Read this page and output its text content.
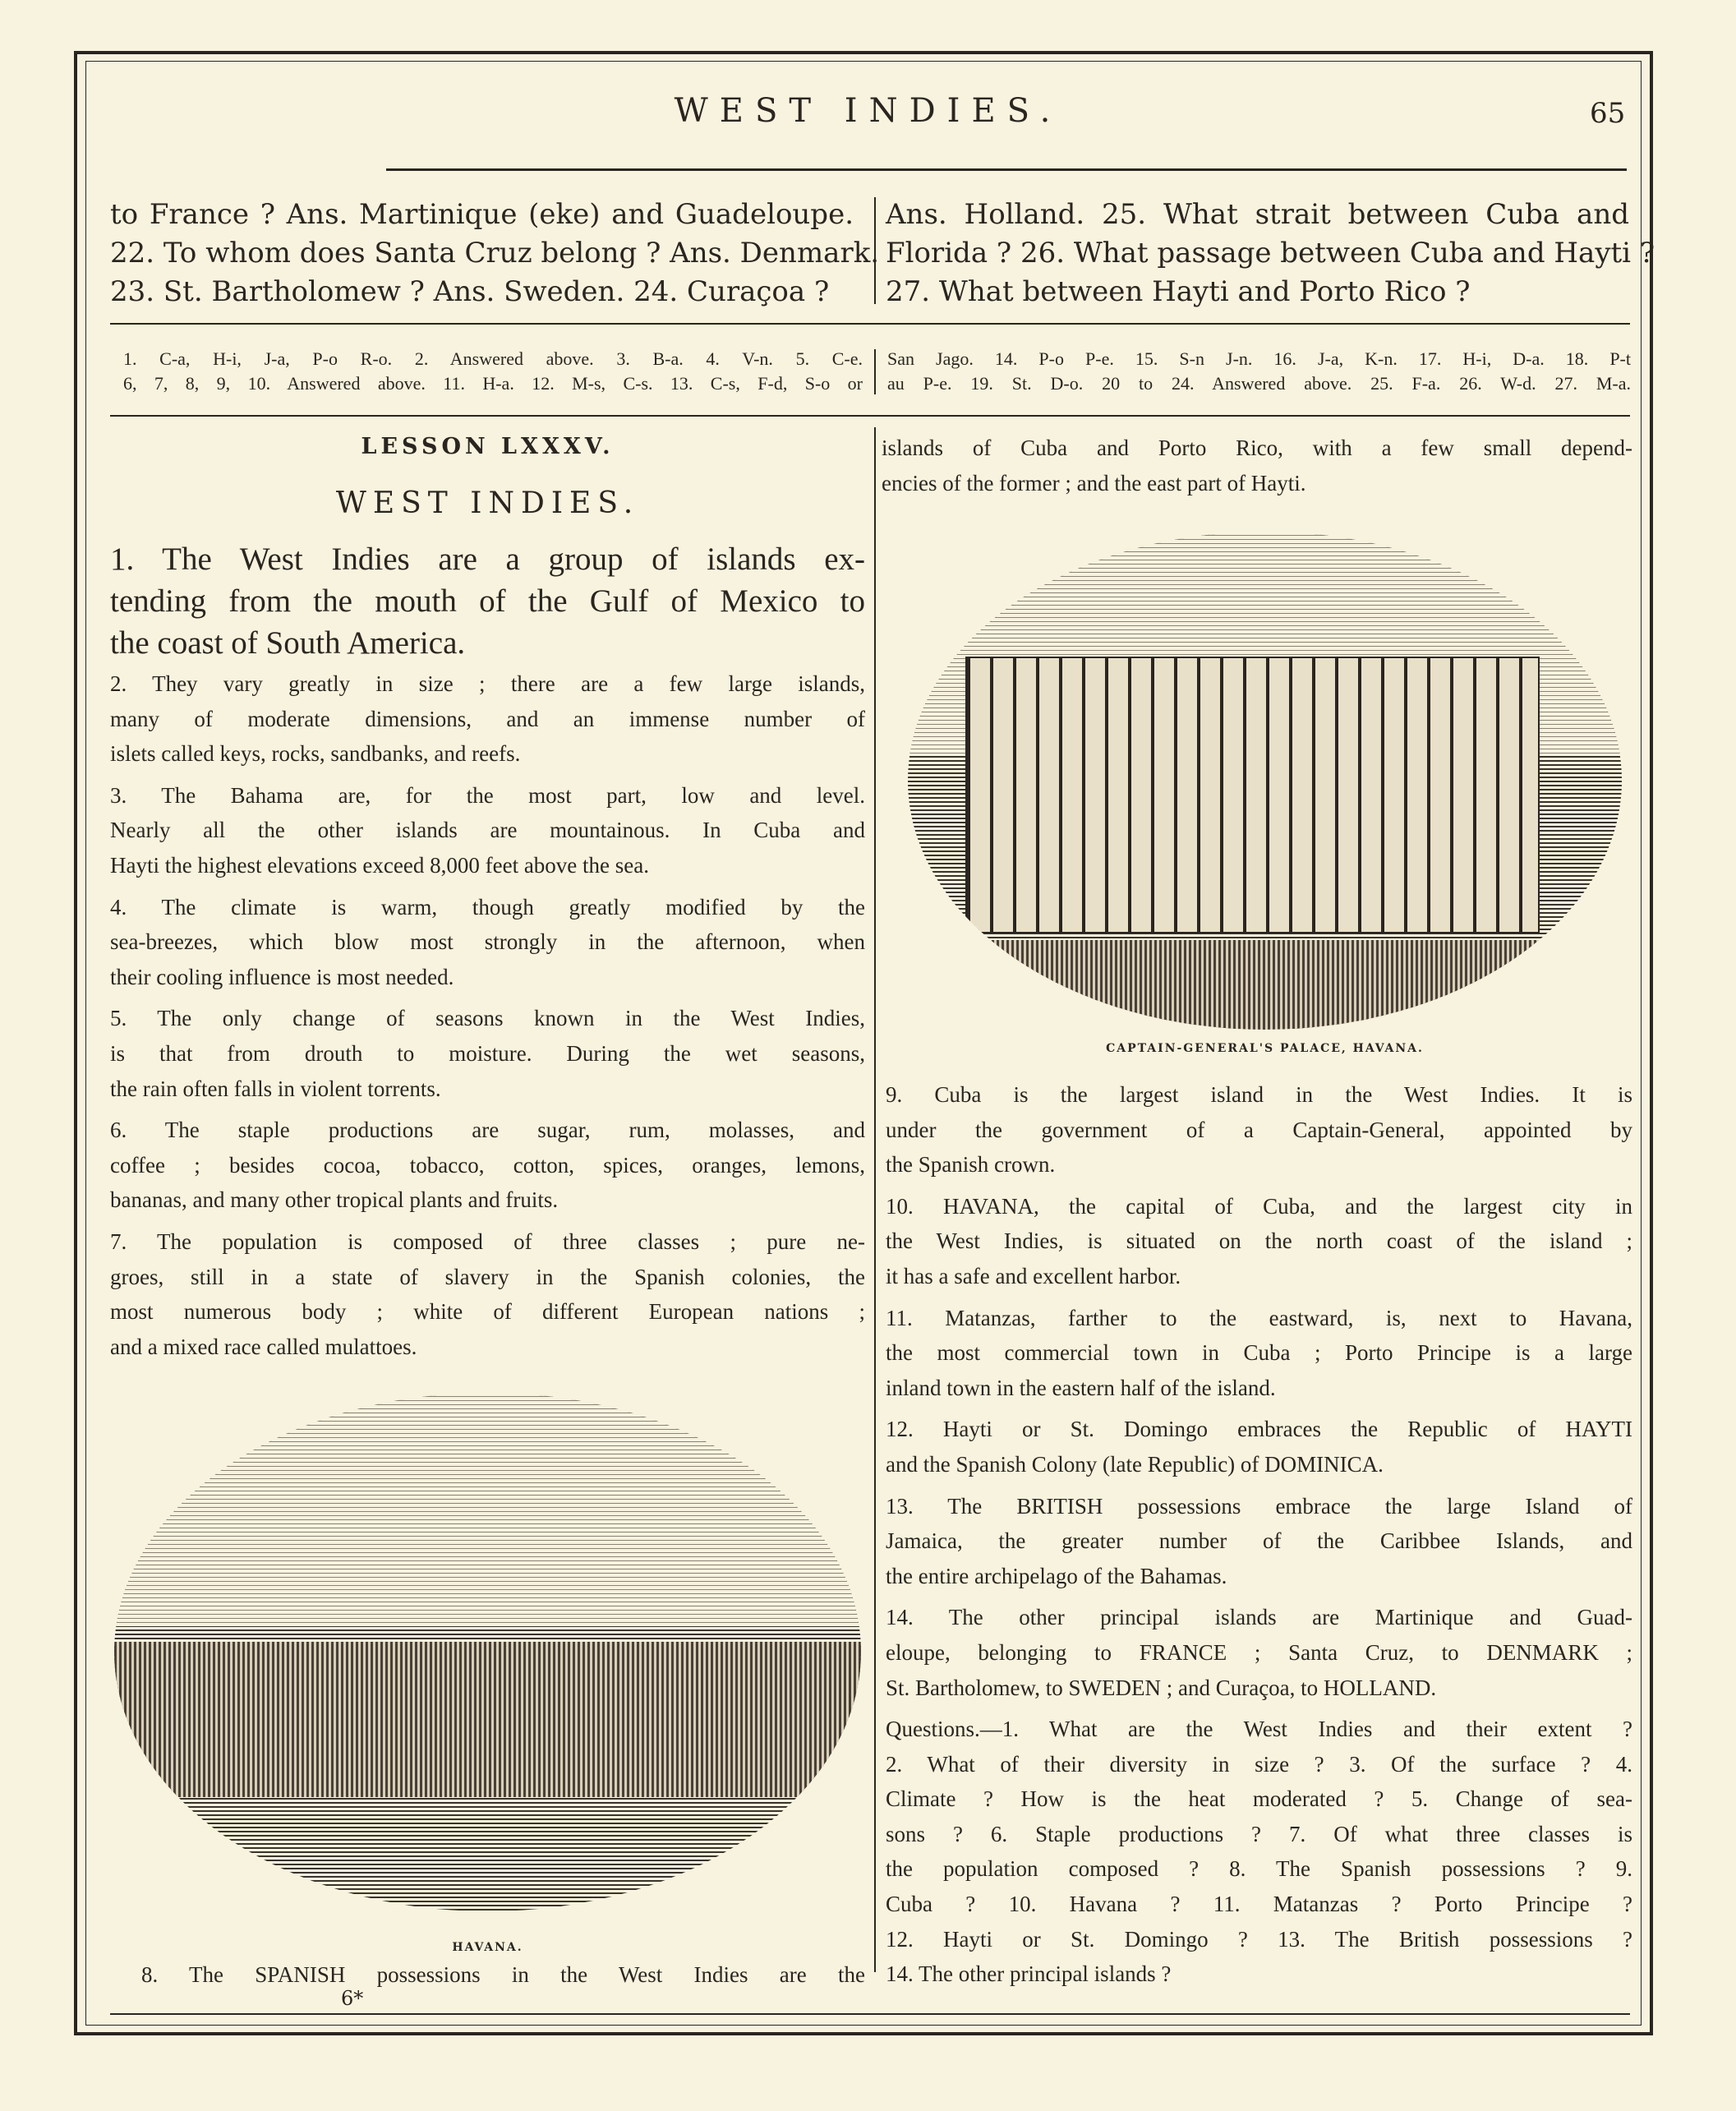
WEST INDIES.	65
to France ? Ans. Martinique (eke) and Guadeloupe.
22. To whom does Santa Cruz belong ? Ans. Denmark.
23. St. Bartholomew ? Ans. Sweden. 24. Curaçoa ?
Ans. Holland. 25. What strait between Cuba and
Florida ? 26. What passage between Cuba and Hayti ?
27. What between Hayti and Porto Rico ?
1. C-a, H-i, J-a, P-o R-o. 2. Answered above. 3. B-a. 4. V-n. 5. C-e.
6, 7, 8, 9, 10. Answered above. 11. H-a. 12. M-s, C-s. 13. C-s, F-d, S-o or
San Jago. 14. P-o P-e. 15. S-n J-n. 16. J-a, K-n. 17. H-i, D-a. 18. P-t
au P-e. 19. St. D-o. 20 to 24. Answered above. 25. F-a. 26. W-d. 27. M-a.
LESSON LXXXV.
WEST INDIES.
1. The West Indies are a group of islands ex-
tending from the mouth of the Gulf of Mexico to
the coast of South America.
2. They vary greatly in size ; there are a few large islands,
many of moderate dimensions, and an immense number of
islets called keys, rocks, sandbanks, and reefs.
3. The Bahama are, for the most part, low and level.
Nearly all the other islands are mountainous. In Cuba and
Hayti the highest elevations exceed 8,000 feet above the sea.
4. The climate is warm, though greatly modified by the
sea-breezes, which blow most strongly in the afternoon, when
their cooling influence is most needed.
5. The only change of seasons known in the West Indies,
is that from drouth to moisture. During the wet seasons,
the rain often falls in violent torrents.
6. The staple productions are sugar, rum, molasses, and
coffee ; besides cocoa, tobacco, cotton, spices, oranges, lemons,
bananas, and many other tropical plants and fruits.
7. The population is composed of three classes ; pure ne-
groes, still in a state of slavery in the Spanish colonies, the
most numerous body ; white of different European nations ;
and a mixed race called mulattoes.
HAVANA.
8. The SPANISH possessions in the West Indies are the
6*
islands of Cuba and Porto Rico, with a few small depend-
encies of the former ; and the east part of Hayti.
CAPTAIN-GENERAL'S PALACE, HAVANA.
9. Cuba is the largest island in the West Indies. It is
under the government of a Captain-General, appointed by
the Spanish crown.
10. HAVANA, the capital of Cuba, and the largest city in
the West Indies, is situated on the north coast of the island ;
it has a safe and excellent harbor.
11. Matanzas, farther to the eastward, is, next to Havana,
the most commercial town in Cuba ; Porto Principe is a large
inland town in the eastern half of the island.
12. Hayti or St. Domingo embraces the Republic of HAYTI
and the Spanish Colony (late Republic) of DOMINICA.
13. The BRITISH possessions embrace the large Island of
Jamaica, the greater number of the Caribbee Islands, and
the entire archipelago of the Bahamas.
14. The other principal islands are Martinique and Guad-
eloupe, belonging to FRANCE ; Santa Cruz, to DENMARK ;
St. Bartholomew, to SWEDEN ; and Curaçoa, to HOLLAND.
Questions.—1. What are the West Indies and their extent ?
2. What of their diversity in size ? 3. Of the surface ? 4.
Climate ? How is the heat moderated ? 5. Change of sea-
sons ? 6. Staple productions ? 7. Of what three classes is
the population composed ? 8. The Spanish possessions ? 9.
Cuba ? 10. Havana ? 11. Matanzas ? Porto Principe ?
12. Hayti or St. Domingo ? 13. The British possessions ?
14. The other principal islands ?
